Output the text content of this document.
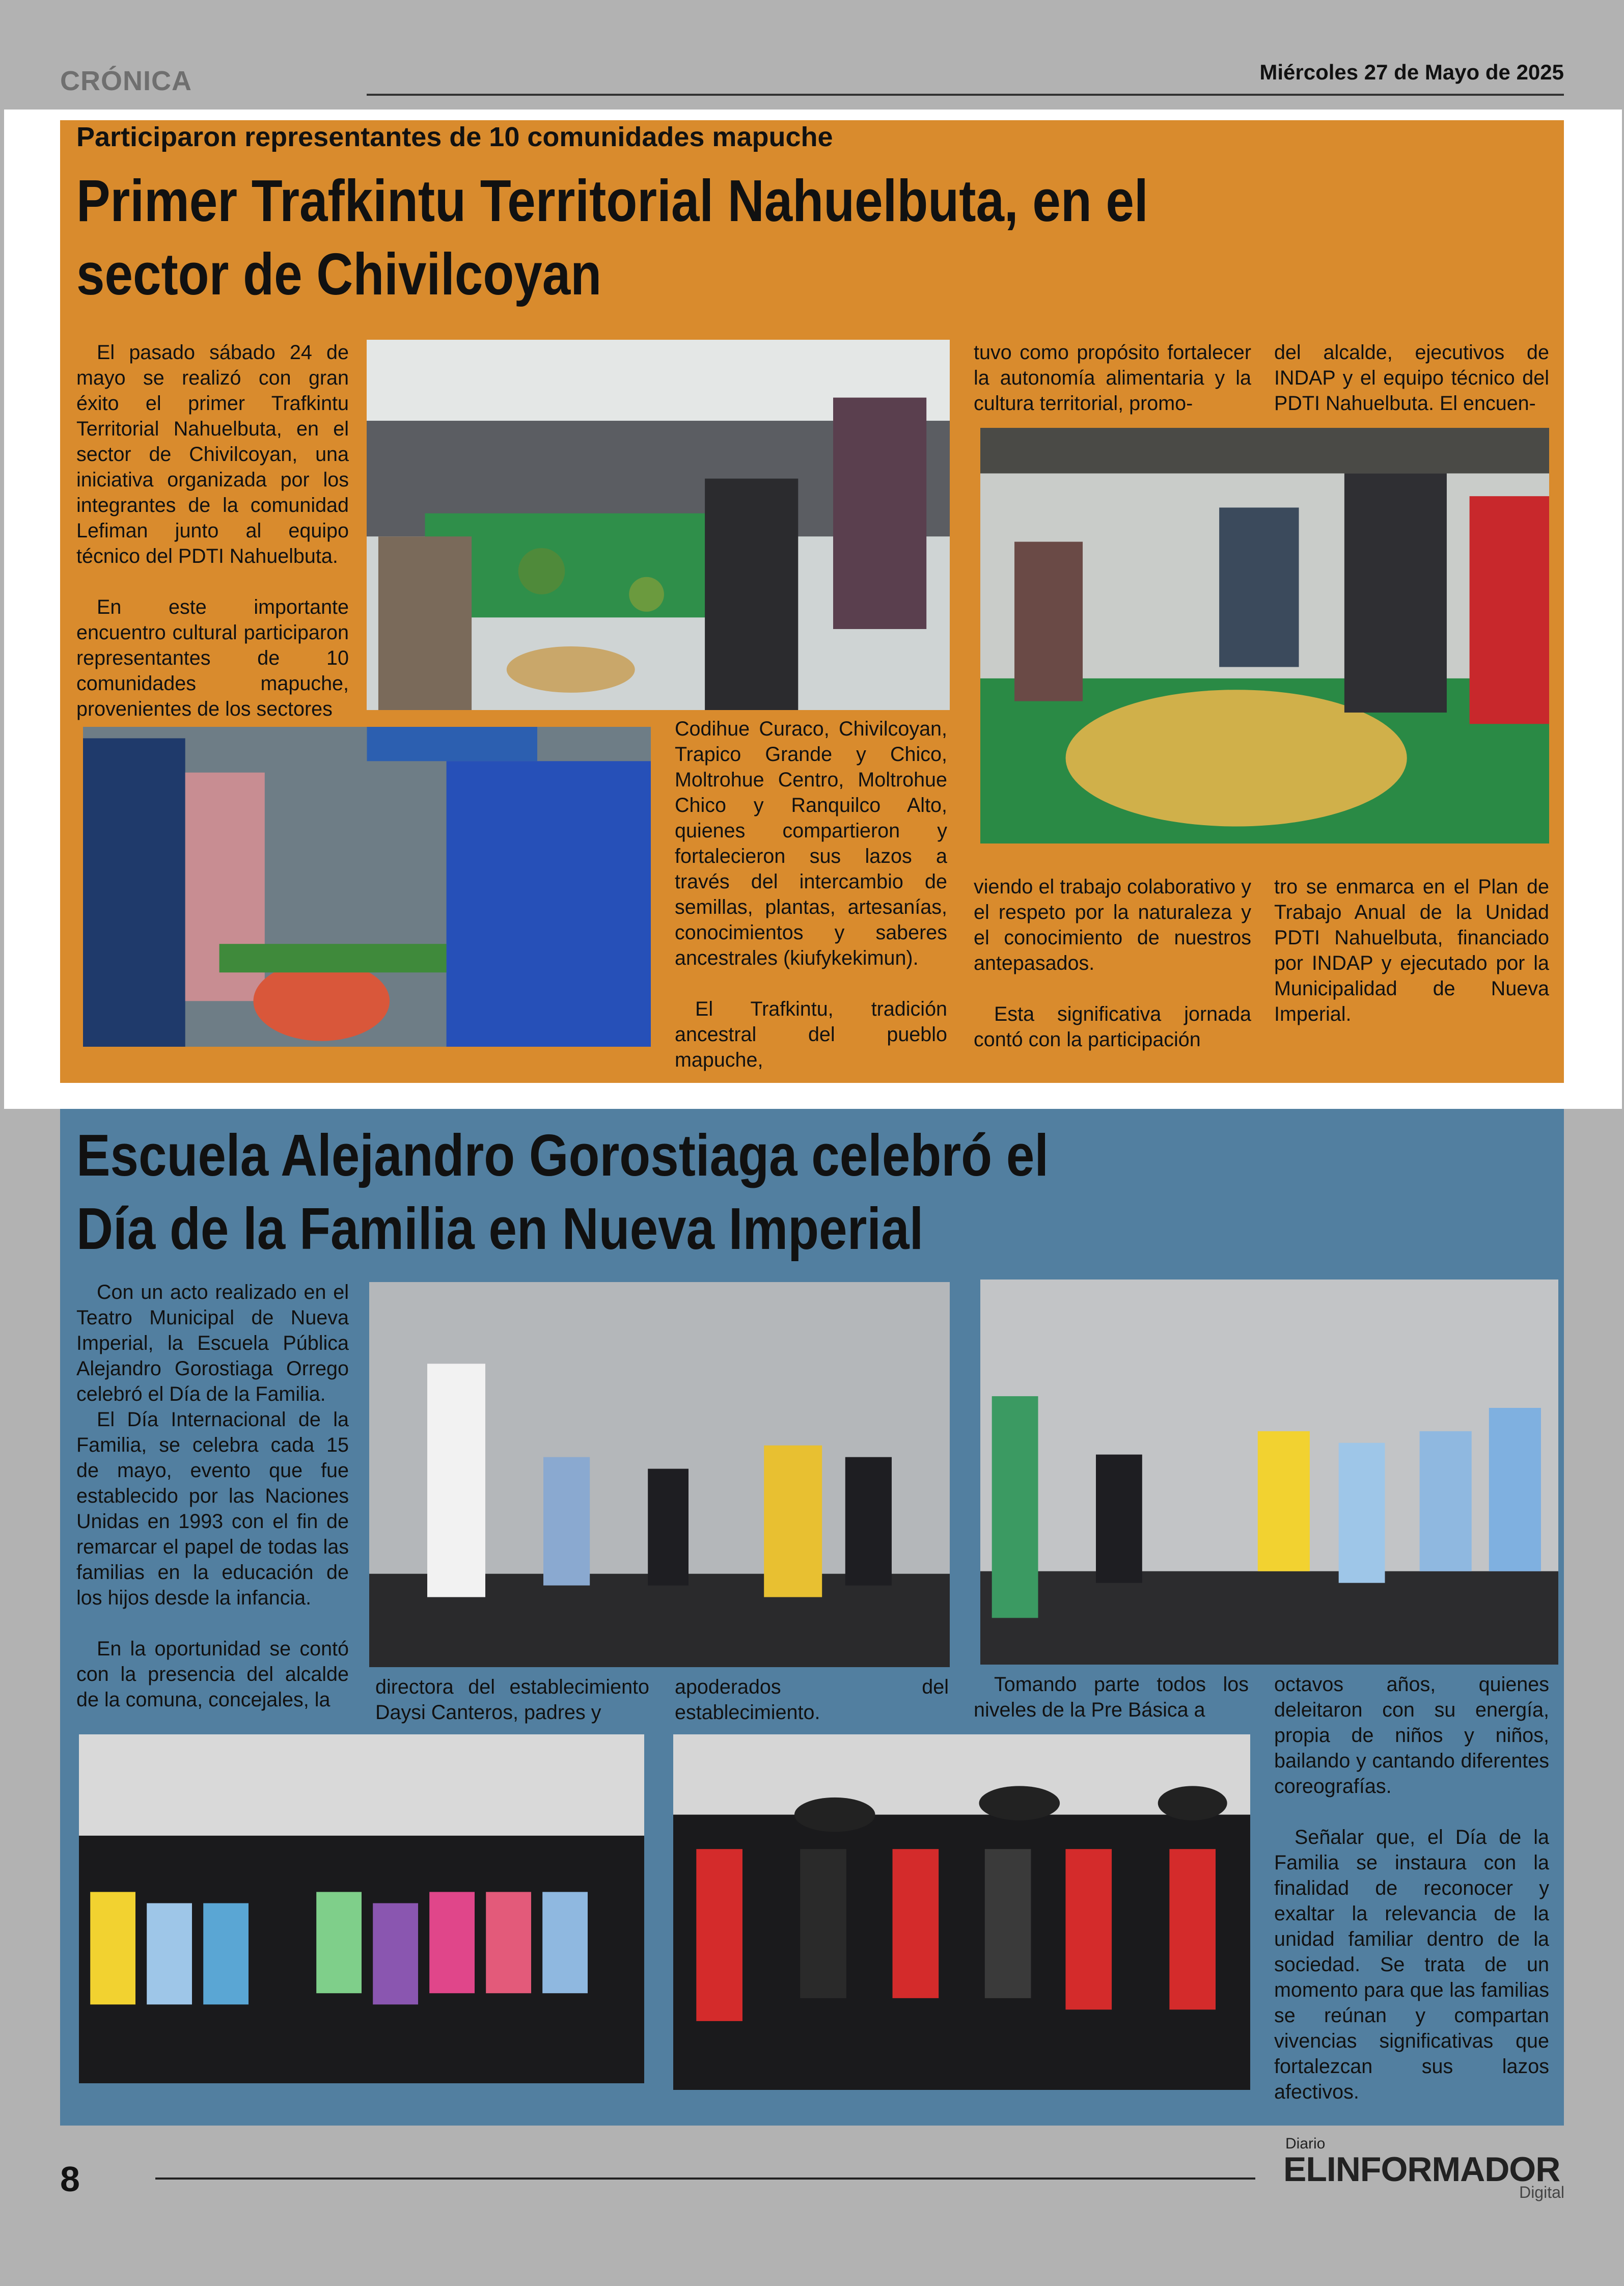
CRÓNICA	Miércoles 27 de Mayo de 2025
Participaron representantes de 10 comunidades mapuche
Primer Trafkintu Territorial Nahuelbuta, en el
sector de Chivilcoyan

El pasado sábado 24 de mayo se realizó con gran éxito el primer Trafkintu Territorial Nahuelbuta, en el sector de Chivilcoyan, una iniciativa organizada por los integrantes de la comunidad Lefiman junto al equipo técnico del PDTI Nahuelbuta.

En este importante encuentro cultural participaron representantes de 10 comunidades mapuche, provenientes de los sectores

Codihue Curaco, Chivilcoyan, Trapico Grande y Chico, Moltrohue Centro, Moltrohue Chico y Ranquilco Alto, quienes compartieron y fortalecieron sus lazos a través del intercambio de semillas, plantas, artesanías, conocimientos y saberes ancestrales (kiufykekimun).

El Trafkintu, tradición ancestral del pueblo mapuche,

tuvo como propósito fortalecer la autonomía alimentaria y la cultura territorial, promo-

viendo el trabajo colaborativo y el respeto por la naturaleza y el conocimiento de nuestros antepasados.

Esta significativa jornada contó con la participación

del alcalde, ejecutivos de INDAP y el equipo técnico del PDTI Nahuelbuta. El encuen-

tro se enmarca en el Plan de Trabajo Anual de la Unidad PDTI Nahuelbuta, financiado por INDAP y ejecutado por la Municipalidad de Nueva Imperial.

Escuela Alejandro Gorostiaga celebró el
Día de la Familia en Nueva Imperial

Con un acto realizado en el Teatro Municipal de Nueva Imperial, la Escuela Pública Alejandro Gorostiaga Orrego celebró el Día de la Familia.

El Día Internacional de la Familia, se celebra cada 15 de mayo, evento que fue establecido por las Naciones Unidas en 1993 con el fin de remarcar el papel de todas las familias en la educación de los hijos desde la infancia.

En la oportunidad se contó con la presencia del alcalde de la comuna, concejales, la

directora del establecimiento Daysi Canteros, padres y

apoderados del establecimiento.

Tomando parte todos los niveles de la Pre Básica a

octavos años, quienes deleitaron con su energía, propia de niños y niños, bailando y cantando diferentes coreografías.

Señalar que, el Día de la Familia se instaura con la finalidad de reconocer y exaltar la relevancia de la unidad familiar dentro de la sociedad. Se trata de un momento para que las familias se reúnan y compartan vivencias significativas que fortalezcan sus lazos afectivos.

8
Diario
ELINFORMADOR
Digital
